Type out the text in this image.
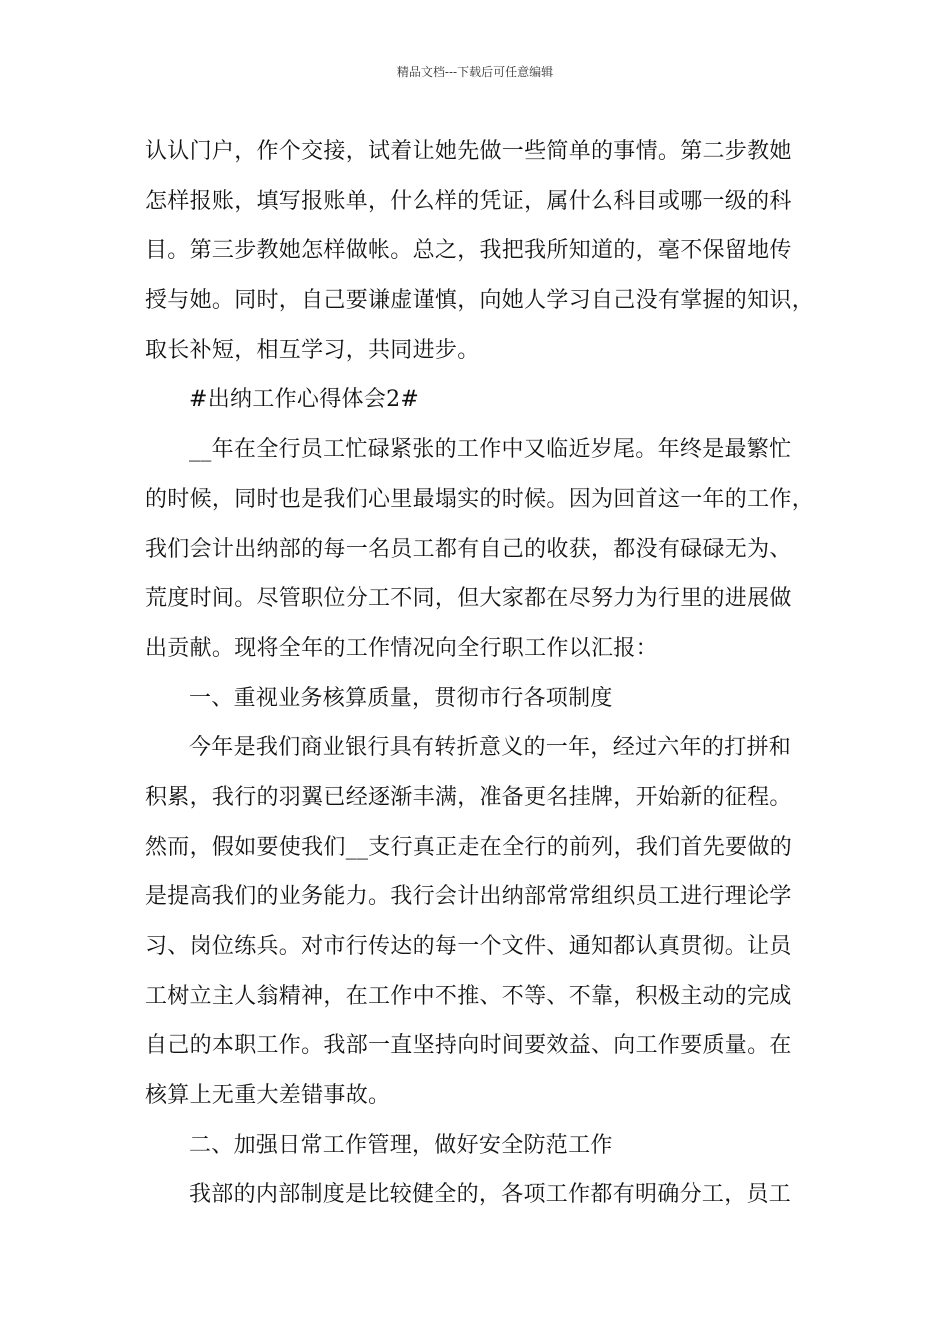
精品文档---下载后可任意编辑
认认门户，作个交接，试着让她先做一些简单的事情。第二步教她
怎样报账，填写报账单，什么样的凭证，属什么科目或哪一级的科
目。第三步教她怎样做帐。总之，我把我所知道的，毫不保留地传
授与她。同时，自己要谦虚谨慎，向她人学习自己没有掌握的知识，
取长补短，相互学习，共同进步。
#出纳工作心得体会2#
__年在全行员工忙碌紧张的工作中又临近岁尾。年终是最繁忙
的时候，同时也是我们心里最塌实的时候。因为回首这一年的工作，
我们会计出纳部的每一名员工都有自己的收获，都没有碌碌无为、
荒度时间。尽管职位分工不同，但大家都在尽努力为行里的进展做
出贡献。现将全年的工作情况向全行职工作以汇报：
一、重视业务核算质量，贯彻市行各项制度
今年是我们商业银行具有转折意义的一年，经过六年的打拼和
积累，我行的羽翼已经逐渐丰满，准备更名挂牌，开始新的征程。
然而，假如要使我们__支行真正走在全行的前列，我们首先要做的
是提高我们的业务能力。我行会计出纳部常常组织员工进行理论学
习、岗位练兵。对市行传达的每一个文件、通知都认真贯彻。让员
工树立主人翁精神，在工作中不推、不等、不靠，积极主动的完成
自己的本职工作。我部一直坚持向时间要效益、向工作要质量。在
核算上无重大差错事故。
二、加强日常工作管理，做好安全防范工作
我部的内部制度是比较健全的，各项工作都有明确分工，员工
